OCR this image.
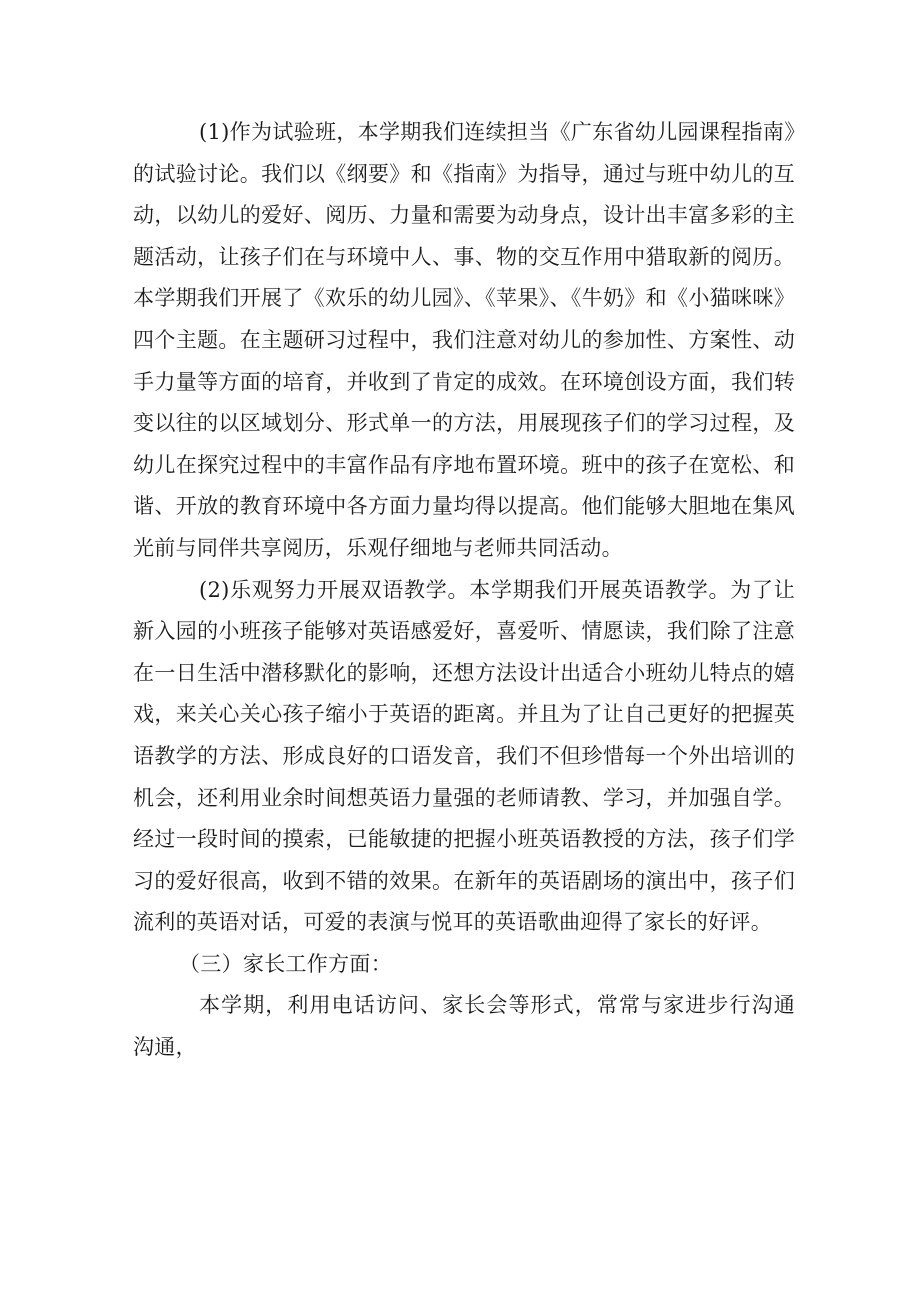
(1)作为试验班，本学期我们连续担当《广东省幼儿园课程指南》的试验讨论。我们以《纲要》和《指南》为指导，通过与班中幼儿的互动，以幼儿的爱好、阅历、力量和需要为动身点，设计出丰富多彩的主题活动，让孩子们在与环境中人、事、物的交互作用中猎取新的阅历。本学期我们开展了《欢乐的幼儿园》、《苹果》、《牛奶》和《小猫咪咪》四个主题。在主题研习过程中，我们注意对幼儿的参加性、方案性、动手力量等方面的培育，并收到了肯定的成效。在环境创设方面，我们转变以往的以区域划分、形式单一的方法，用展现孩子们的学习过程，及幼儿在探究过程中的丰富作品有序地布置环境。班中的孩子在宽松、和谐、开放的教育环境中各方面力量均得以提高。他们能够大胆地在集风光前与同伴共享阅历，乐观仔细地与老师共同活动。

(2)乐观努力开展双语教学。本学期我们开展英语教学。为了让新入园的小班孩子能够对英语感爱好，喜爱听、情愿读，我们除了注意在一日生活中潜移默化的影响，还想方法设计出适合小班幼儿特点的嬉戏，来关心关心孩子缩小于英语的距离。并且为了让自己更好的把握英语教学的方法、形成良好的口语发音，我们不但珍惜每一个外出培训的机会，还利用业余时间想英语力量强的老师请教、学习，并加强自学。经过一段时间的摸索，已能敏捷的把握小班英语教授的方法，孩子们学习的爱好很高，收到不错的效果。在新年的英语剧场的演出中，孩子们流利的英语对话，可爱的表演与悦耳的英语歌曲迎得了家长的好评。

（三）家长工作方面：

本学期，利用电话访问、家长会等形式，常常与家进步行沟通沟通，
